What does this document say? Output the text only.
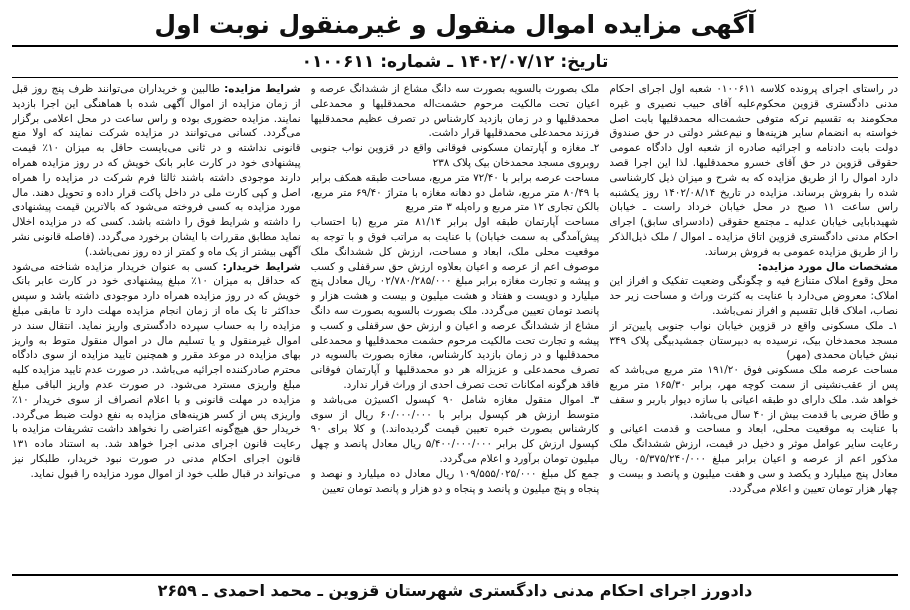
آگهی مزایده اموال منقول و غیرمنقول نوبت اول
تاریخ: ۱۴۰۲/۰۷/۱۲ ـ شماره: ۰۱۰۰۶۱۱

در راستای اجرای پرونده کلاسه ۰۱۰۰۶۱۱ شعبه اول اجرای احکام مدنی دادگستری قزوین محکوم‌علیه آقای حبیب نصیری و غیره محکومند به تقسیم ترکه متوفی حشمت‌اله محمدقلیها بابت اصل خواسته به انضمام سایر هزینه‌ها و نیم‌عشر دولتی در حق صندوق دولت بابت دادنامه و اجرائیه صادره از شعبه اول دادگاه عمومی حقوقی قزوین در حق آقای خسرو محمدقلیها. لذا این اجرا قصد دارد اموال را از طریق مزایده که به شرح و میزان ذیل کارشناسی شده را بفروش برساند. مزایده در تاریخ ۱۴۰۲/۰۸/۱۴ روز یکشنبه راس ساعت ۱۱ صبح در محل خیابان خرداد راست ـ خیابان شهیدبابایی خیابان عدلیه ـ مجتمع حقوقی (دادسرای سابق) اجرای احکام مدنی دادگستری قزوین اتاق مزایده ـ اموال / ملک ذیل‌الذکر را از طریق مزایده عمومی به فروش برساند.

مشخصات مال مورد مزایده:

محل وقوع املاک متنازع فیه و چگونگی وضعیت تفکیک و افراز این املاک: معروض می‌دارد با عنایت به کثرت وراث و مساحت زیر حد نصاب، املاک قابل تقسیم و افراز نمی‌باشد.

۱ـ ملک مسکونی واقع در قزوین خیابان نواب جنوبی پایین‌تر از مسجد محمدخان بیک، نرسیده به دبیرستان جمشیدبیگی پلاک ۳۴۹ نبش خیابان محمدی (مهر)

مساحت عرصه ملک مسکونی فوق ۱۹۱/۲۰ متر مربع می‌باشد که پس از عقب‌نشینی از سمت کوچه مهر، برابر ۱۶۵/۳۰ متر مربع خواهد شد. ملک دارای دو طبقه اعیانی با سازه دیوار باربر و سقف و طاق ضربی با قدمت بیش از ۴۰ سال می‌باشد.

با عنایت به موقعیت محلی، ابعاد و مساحت و قدمت اعیانی و رعایت سایر عوامل موثر و دخیل در قیمت، ارزش ششدانگ ملک مذکور اعم از عرصه و اعیان برابر مبلغ ۰۵/۳۷۵/۲۴۰/۰۰۰ ریال معادل پنج میلیارد و یکصد و سی و هفت میلیون و پانصد و بیست و چهار هزار تومان تعیین و اعلام می‌گردد.

ملک بصورت بالسویه بصورت سه دانگ مشاع از ششدانگ عرصه و اعیان تحت مالکیت مرحوم حشمت‌اله محمدقلیها و محمدعلی محمدقلیها و در زمان بازدید کارشناس در تصرف عظیم محمدقلیها فرزند محمدعلی محمدقلیها قرار داشت.

۲ـ مغازه و آپارتمان مسکونی فوقانی واقع در قزوین نواب جنوبی روبروی مسجد محمدخان بیک پلاک ۲۳۸

مساحت عرصه برابر با ۷۲/۴۰ متر مربع، مساحت طبقه همکف برابر با ۸۰/۴۹ متر مربع، شامل دو دهانه مغازه با متراژ ۶۹/۴۰ متر مربع، بالکن تجاری ۱۲ متر مربع و راه‌پله ۳ متر مربع

مساحت آپارتمان طبقه اول برابر ۸۱/۱۴ متر مربع (با احتساب پیش‌آمدگی به سمت خیابان) با عنایت به مراتب فوق و با توجه به موقعیت محلی ملک، ابعاد و مساحت، ارزش کل ششدانگ ملک موصوف اعم از عرصه و اعیان بعلاوه ارزش حق سرقفلی و کسب و پیشه و تجارت مغازه برابر مبلغ ۰۲/۷۸۰/۲۸۵/۰۰۰ ریال معادل پنج میلیارد و دویست و هفتاد و هشت میلیون و بیست و هشت هزار و پانصد تومان تعیین می‌گردد. ملک بصورت بالسویه بصورت سه دانگ مشاع از ششدانگ عرصه و اعیان و ارزش حق سرقفلی و کسب و پیشه و تجارت تحت مالکیت مرحوم حشمت محمدقلیها و محمدعلی محمدقلیها و در زمان بازدید کارشناس، مغازه بصورت بالسویه در تصرف محمدعلی و عزیزاله هر دو محمدقلیها و آپارتمان فوقانی فاقد هرگونه امکانات تحت تصرف احدی از وراث قرار ندارد.

۳ـ اموال منقول مغازه شامل ۹۰ کپسول اکسیژن می‌باشد و متوسط ارزش هر کپسول برابر با ۶۰/۰۰۰/۰۰۰ ریال از سوی کارشناس بصورت خبره تعیین قیمت گردیده‌اند.) و کلا برای ۹۰ کپسول ارزش کل برابر ۵/۴۰۰/۰۰۰/۰۰۰ ریال معادل پانصد و چهل میلیون تومان برآورد و اعلام می‌گردد.

جمع کل مبلغ ۱۰۹/۵۵۵/۰۲۵/۰۰۰ ریال معادل ده میلیارد و نهصد و پنجاه و پنج میلیون و پانصد و پنجاه و دو هزار و پانصد تومان تعیین

شرایط مزایده: طالبین و خریداران می‌توانند ظرف پنج روز قبل از زمان مزایده از اموال آگهی شده با هماهنگی این اجرا بازدید نمایند. مزایده حضوری بوده و راس ساعت در محل اعلامی برگزار می‌گردد. کسانی می‌توانند در مزایده شرکت نمایند که اولا منع قانونی نداشته و در ثانی می‌بایست حاقل به میزان ۱۰٪ قیمت پیشنهادی خود در کارت عابر بانک خویش که در روز مزایده همراه دارند موجودی داشته باشند ثالثا فرم شرکت در مزایده را همراه اصل و کپی کارت ملی در داخل پاکت قرار داده و تحویل دهند. مال مورد مزایده به کسی فروخته می‌شود که بالاترین قیمت پیشنهادی را داشته و شرایط فوق را داشته باشد. کسی که در مزایده اخلال نماید مطابق مقررات با ایشان برخورد می‌گردد. (فاصله قانونی نشر آگهی بیشتر از یک ماه و کمتر از ده روز نمی‌باشد.)

شرایط خریدار: کسی به عنوان خریدار مزایده شناخته می‌شود که حداقل به میزان ۱۰٪ مبلغ پیشنهادی خود در کارت عابر بانک خویش که در روز مزایده همراه دارد موجودی داشته باشد و سپس حداکثر تا یک ماه از زمان انجام مزایده مهلت دارد تا مابقی مبلغ مزایده را به حساب سپرده دادگستری واریز نماید. انتقال سند در اموال غیرمنقول و یا تسلیم مال در اموال منقول متوط به واریز بهای مزایده در موعد مقرر و همچنین تایید مزایده از سوی دادگاه محترم صادرکننده اجرائیه می‌باشد. در صورت عدم تایید مزایده کلیه مبلغ واریزی مسترد می‌شود. در صورت عدم واریز الباقی مبلغ مزایده در مهلت قانونی و با اعلام انصراف از سوی خریدار ۱۰٪ واریزی پس از کسر هزینه‌های مزایده به نفع دولت ضبط می‌گردد. خریدار حق هیچ‌گونه اعتراضی را نخواهد داشت تشریفات مزایده با رعایت قانون اجرای مدنی اجرا خواهد شد. به استناد ماده ۱۳۱ قانون اجرای احکام مدنی در صورت نبود خریدار، طلبکار نیز می‌تواند در قبال طلب خود از اموال مورد مزایده را قبول نماید.

دادورز اجرای احکام مدنی دادگستری شهرستان قزوین ـ محمد احمدی ـ ۲۶۵۹
